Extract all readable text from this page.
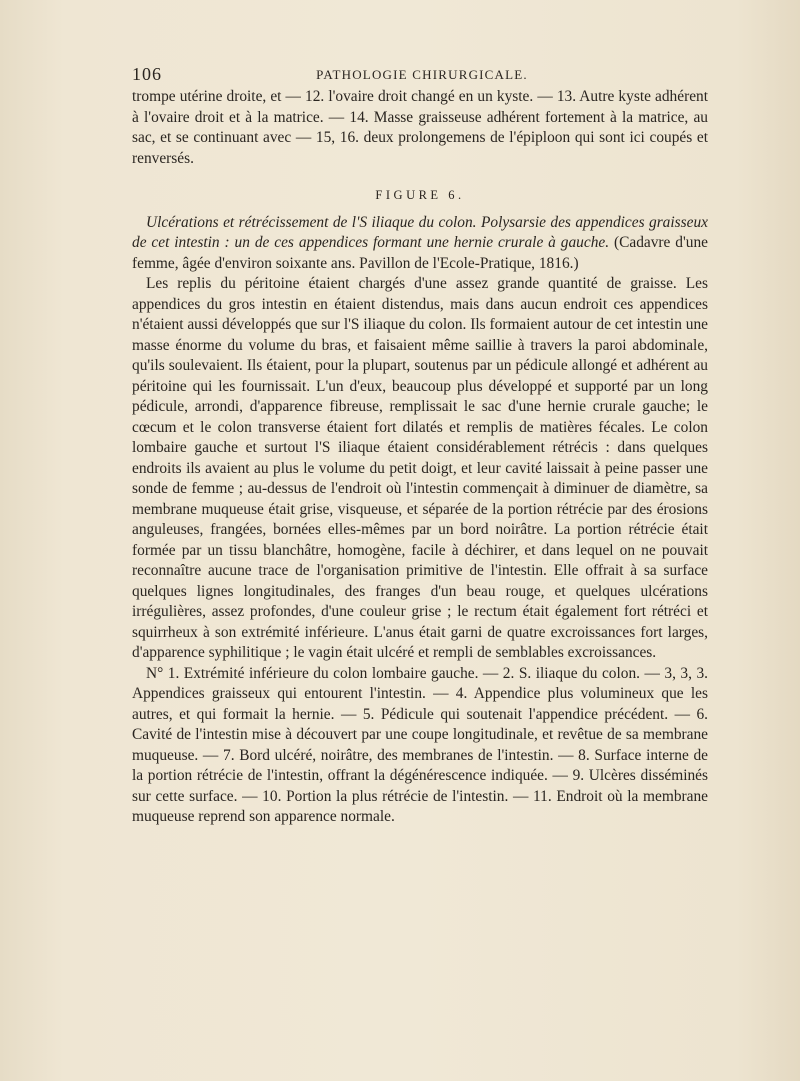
106	PATHOLOGIE CHIRURGICALE.

trompe utérine droite, et — 12. l'ovaire droit changé en un kyste. — 13. Autre kyste adhérent à l'ovaire droit et à la matrice. — 14. Masse graisseuse adhérent fortement à la matrice, au sac, et se continuant avec — 15, 16. deux prolongemens de l'épiploon qui sont ici coupés et renversés.

FIGURE 6.

Ulcérations et rétrécissement de l'S iliaque du colon. Polysarsie des appendices graisseux de cet intestin : un de ces appendices formant une hernie crurale à gauche. (Cadavre d'une femme, âgée d'environ soixante ans. Pavillon de l'Ecole-Pratique, 1816.)

Les replis du péritoine étaient chargés d'une assez grande quantité de graisse. Les appendices du gros intestin en étaient distendus, mais dans aucun endroit ces appendices n'étaient aussi développés que sur l'S iliaque du colon. Ils formaient autour de cet intestin une masse énorme du volume du bras, et faisaient même saillie à travers la paroi abdominale, qu'ils soulevaient. Ils étaient, pour la plupart, soutenus par un pédicule allongé et adhérent au péritoine qui les fournissait. L'un d'eux, beaucoup plus développé et supporté par un long pédicule, arrondi, d'apparence fibreuse, remplissait le sac d'une hernie crurale gauche; le cœcum et le colon transverse étaient fort dilatés et remplis de matières fécales. Le colon lombaire gauche et surtout l'S iliaque étaient considérablement rétrécis : dans quelques endroits ils avaient au plus le volume du petit doigt, et leur cavité laissait à peine passer une sonde de femme ; au-dessus de l'endroit où l'intestin commençait à diminuer de diamètre, sa membrane muqueuse était grise, visqueuse, et séparée de la portion rétrécie par des érosions anguleuses, frangées, bornées elles-mêmes par un bord noirâtre. La portion rétrécie était formée par un tissu blanchâtre, homogène, facile à déchirer, et dans lequel on ne pouvait reconnaître aucune trace de l'organisation primitive de l'intestin. Elle offrait à sa surface quelques lignes longitudinales, des franges d'un beau rouge, et quelques ulcérations irrégulières, assez profondes, d'une couleur grise ; le rectum était également fort rétréci et squirrheux à son extrémité inférieure. L'anus était garni de quatre excroissances fort larges, d'apparence syphilitique ; le vagin était ulcéré et rempli de semblables excroissances.

N° 1. Extrémité inférieure du colon lombaire gauche. — 2. S. iliaque du colon. — 3, 3, 3. Appendices graisseux qui entourent l'intestin. — 4. Appendice plus volumineux que les autres, et qui formait la hernie. — 5. Pédicule qui soutenait l'appendice précédent. — 6. Cavité de l'intestin mise à découvert par une coupe longitudinale, et revêtue de sa membrane muqueuse. — 7. Bord ulcéré, noirâtre, des membranes de l'intestin. — 8. Surface interne de la portion rétrécie de l'intestin, offrant la dégénérescence indiquée. — 9. Ulcères disséminés sur cette surface. — 10. Portion la plus rétrécie de l'intestin. — 11. Endroit où la membrane muqueuse reprend son apparence normale.
